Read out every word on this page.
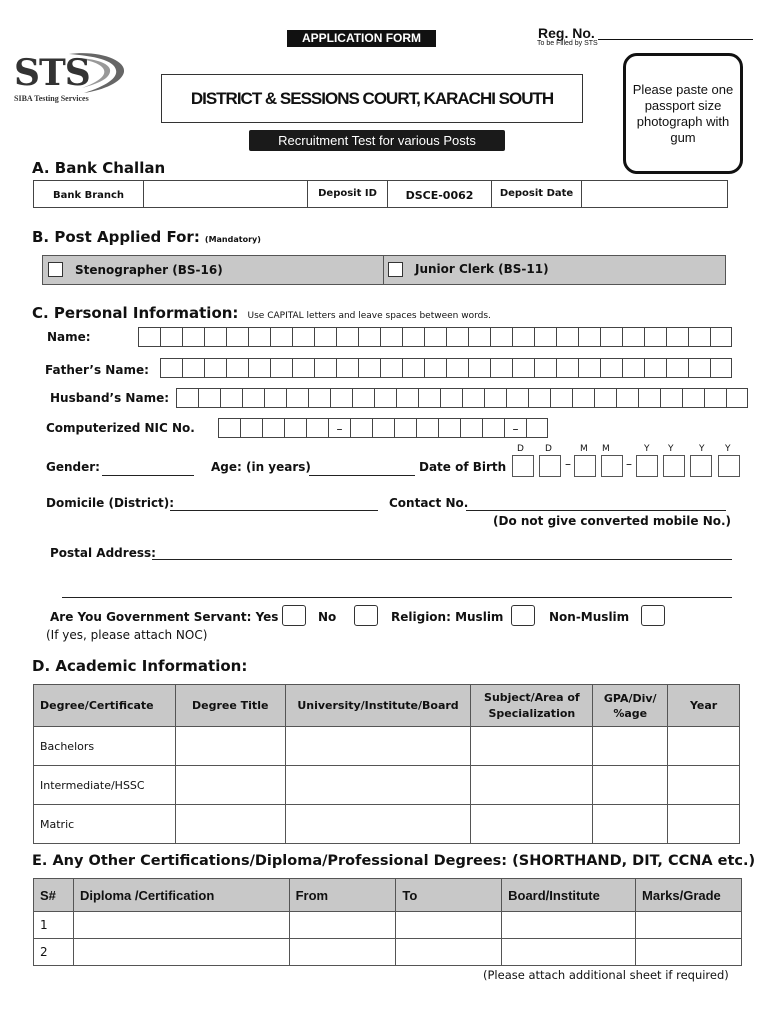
APPLICATION FORM	Reg. No.
To be Filled by STS
STS
SIBA Testing Services	DISTRICT & SESSIONS COURT, KARACHI SOUTH
Recruitment Test for various Posts
Please paste one passport size photograph with gum
A. Bank Challan
Bank Branch	Deposit ID	DSCE-0062	Deposit Date
B. Post Applied For: (Mandatory)
Stenographer (BS-16)	Junior Clerk (BS-11)
C. Personal Information: Use CAPITAL letters and leave spaces between words.
Name:
Father’s Name:
Husband’s Name:
Computerized NIC No.	–	–
D D	M M	Y Y	Y Y
Gender:	Age: (in years)	Date of Birth	–	–
Domicile (District):	Contact No.
(Do not give converted mobile No.)
Postal Address:
Are You Government Servant: Yes	No	Religion: Muslim	Non-Muslim
(If yes, please attach NOC)
D. Academic Information:
Degree/Certificate	Degree Title	University/Institute/Board	Subject/Area of Specialization	GPA/Div/ %age	Year
Bachelors					
Intermediate/HSSC					
Matric					
E. Any Other Certifications/Diploma/Professional Degrees: (SHORTHAND, DIT, CCNA etc.)
S#	Diploma /Certification	From	To	Board/Institute	Marks/Grade
1					
2					
(Please attach additional sheet if required)
